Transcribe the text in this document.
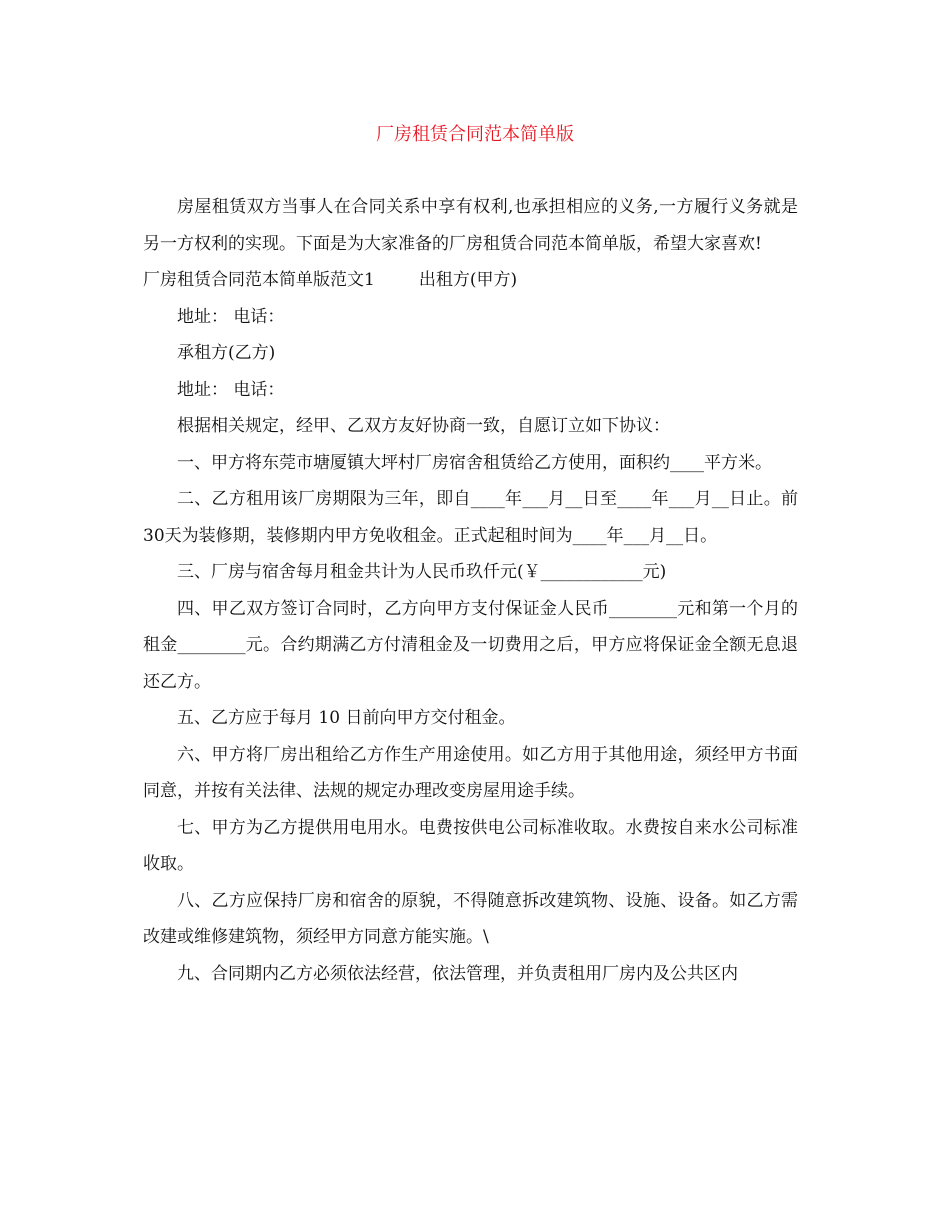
厂房租赁合同范本简单版

房屋租赁双方当事人在合同关系中享有权利,也承担相应的义务,一方履行义务就是另一方权利的实现。下面是为大家准备的厂房租赁合同范本简单版，希望大家喜欢!

厂房租赁合同范本简单版范文1	出租方(甲方)

地址： 电话：

承租方(乙方)

地址： 电话：

根据相关规定，经甲、乙双方友好协商一致，自愿订立如下协议：

一、甲方将东莞市塘厦镇大坪村厂房宿舍租赁给乙方使用，面积约____平方米。

二、乙方租用该厂房期限为三年，即自____年___月__日至____年___月__日止。前30天为装修期，装修期内甲方免收租金。正式起租时间为____年___月__日。

三、厂房与宿舍每月租金共计为人民币玖仟元(￥____________元)

四、甲乙双方签订合同时，乙方向甲方支付保证金人民币________元和第一个月的租金________元。合约期满乙方付清租金及一切费用之后，甲方应将保证金全额无息退还乙方。

五、乙方应于每月 10 日前向甲方交付租金。

六、甲方将厂房出租给乙方作生产用途使用。如乙方用于其他用途，须经甲方书面同意，并按有关法律、法规的规定办理改变房屋用途手续。

七、甲方为乙方提供用电用水。电费按供电公司标准收取。水费按自来水公司标准收取。

八、乙方应保持厂房和宿舍的原貌，不得随意拆改建筑物、设施、设备。如乙方需改建或维修建筑物，须经甲方同意方能实施。\

九、合同期内乙方必须依法经营，依法管理，并负责租用厂房内及公共区内
